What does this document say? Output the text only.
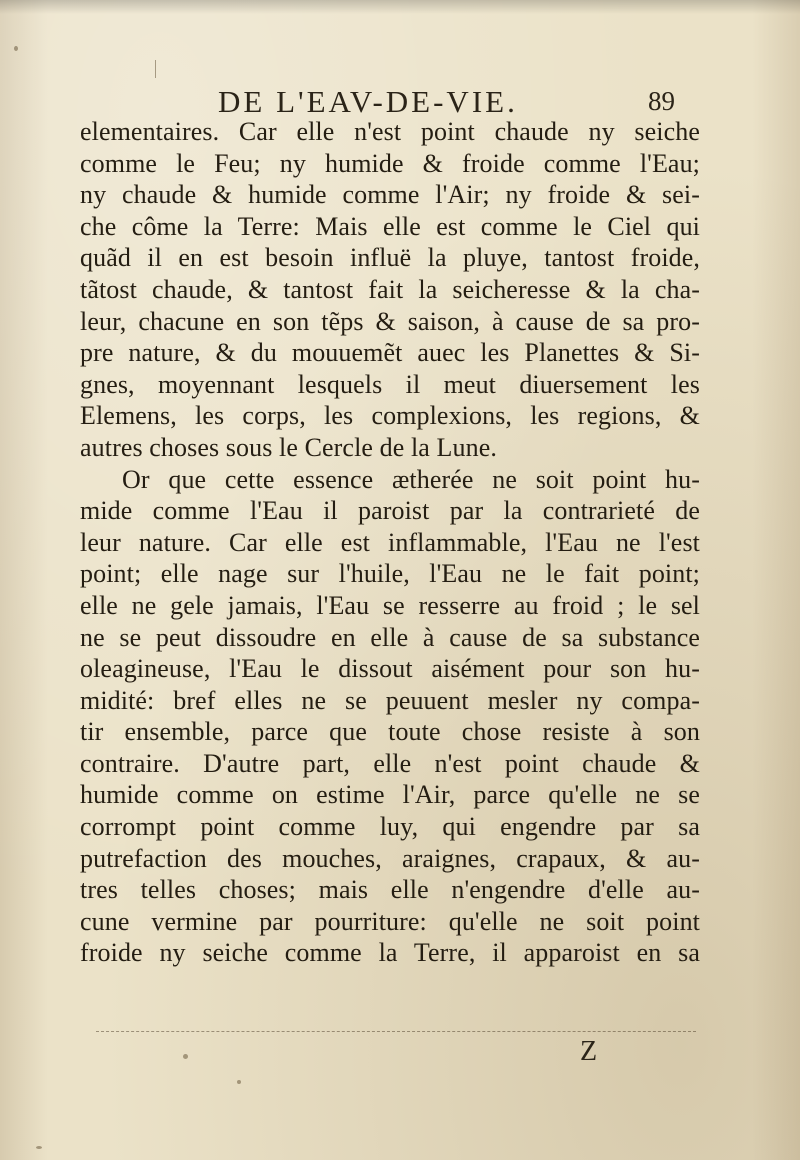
DE L'EAV-DE-VIE.	89
elementaires. Car elle n'est point chaude ny seiche
comme le Feu; ny humide & froide comme l'Eau;
ny chaude & humide comme l'Air; ny froide & sei-
che côme la Terre: Mais elle est comme le Ciel qui
quãd il en est besoin influë la pluye, tantost froide,
tãtost chaude, & tantost fait la seicheresse & la cha-
leur, chacune en son tẽps & saison, à cause de sa pro-
pre nature, & du mouuemẽt auec les Planettes & Si-
gnes, moyennant lesquels il meut diuersement les
Elemens, les corps, les complexions, les regions, &
autres choses sous le Cercle de la Lune.
Or que cette essence ætherée ne soit point hu-
mide comme l'Eau il paroist par la contrarieté de
leur nature. Car elle est inflammable, l'Eau ne l'est
point; elle nage sur l'huile, l'Eau ne le fait point;
elle ne gele jamais, l'Eau se resserre au froid ; le sel
ne se peut dissoudre en elle à cause de sa substance
oleagineuse, l'Eau le dissout aisément pour son hu-
midité: bref elles ne se peuuent mesler ny compa-
tir ensemble, parce que toute chose resiste à son
contraire. D'autre part, elle n'est point chaude &
humide comme on estime l'Air, parce qu'elle ne se
corrompt point comme luy, qui engendre par sa
putrefaction des mouches, araignes, crapaux, & au-
tres telles choses; mais elle n'engendre d'elle au-
cune vermine par pourriture: qu'elle ne soit point
froide ny seiche comme la Terre, il apparoist en sa
Z
